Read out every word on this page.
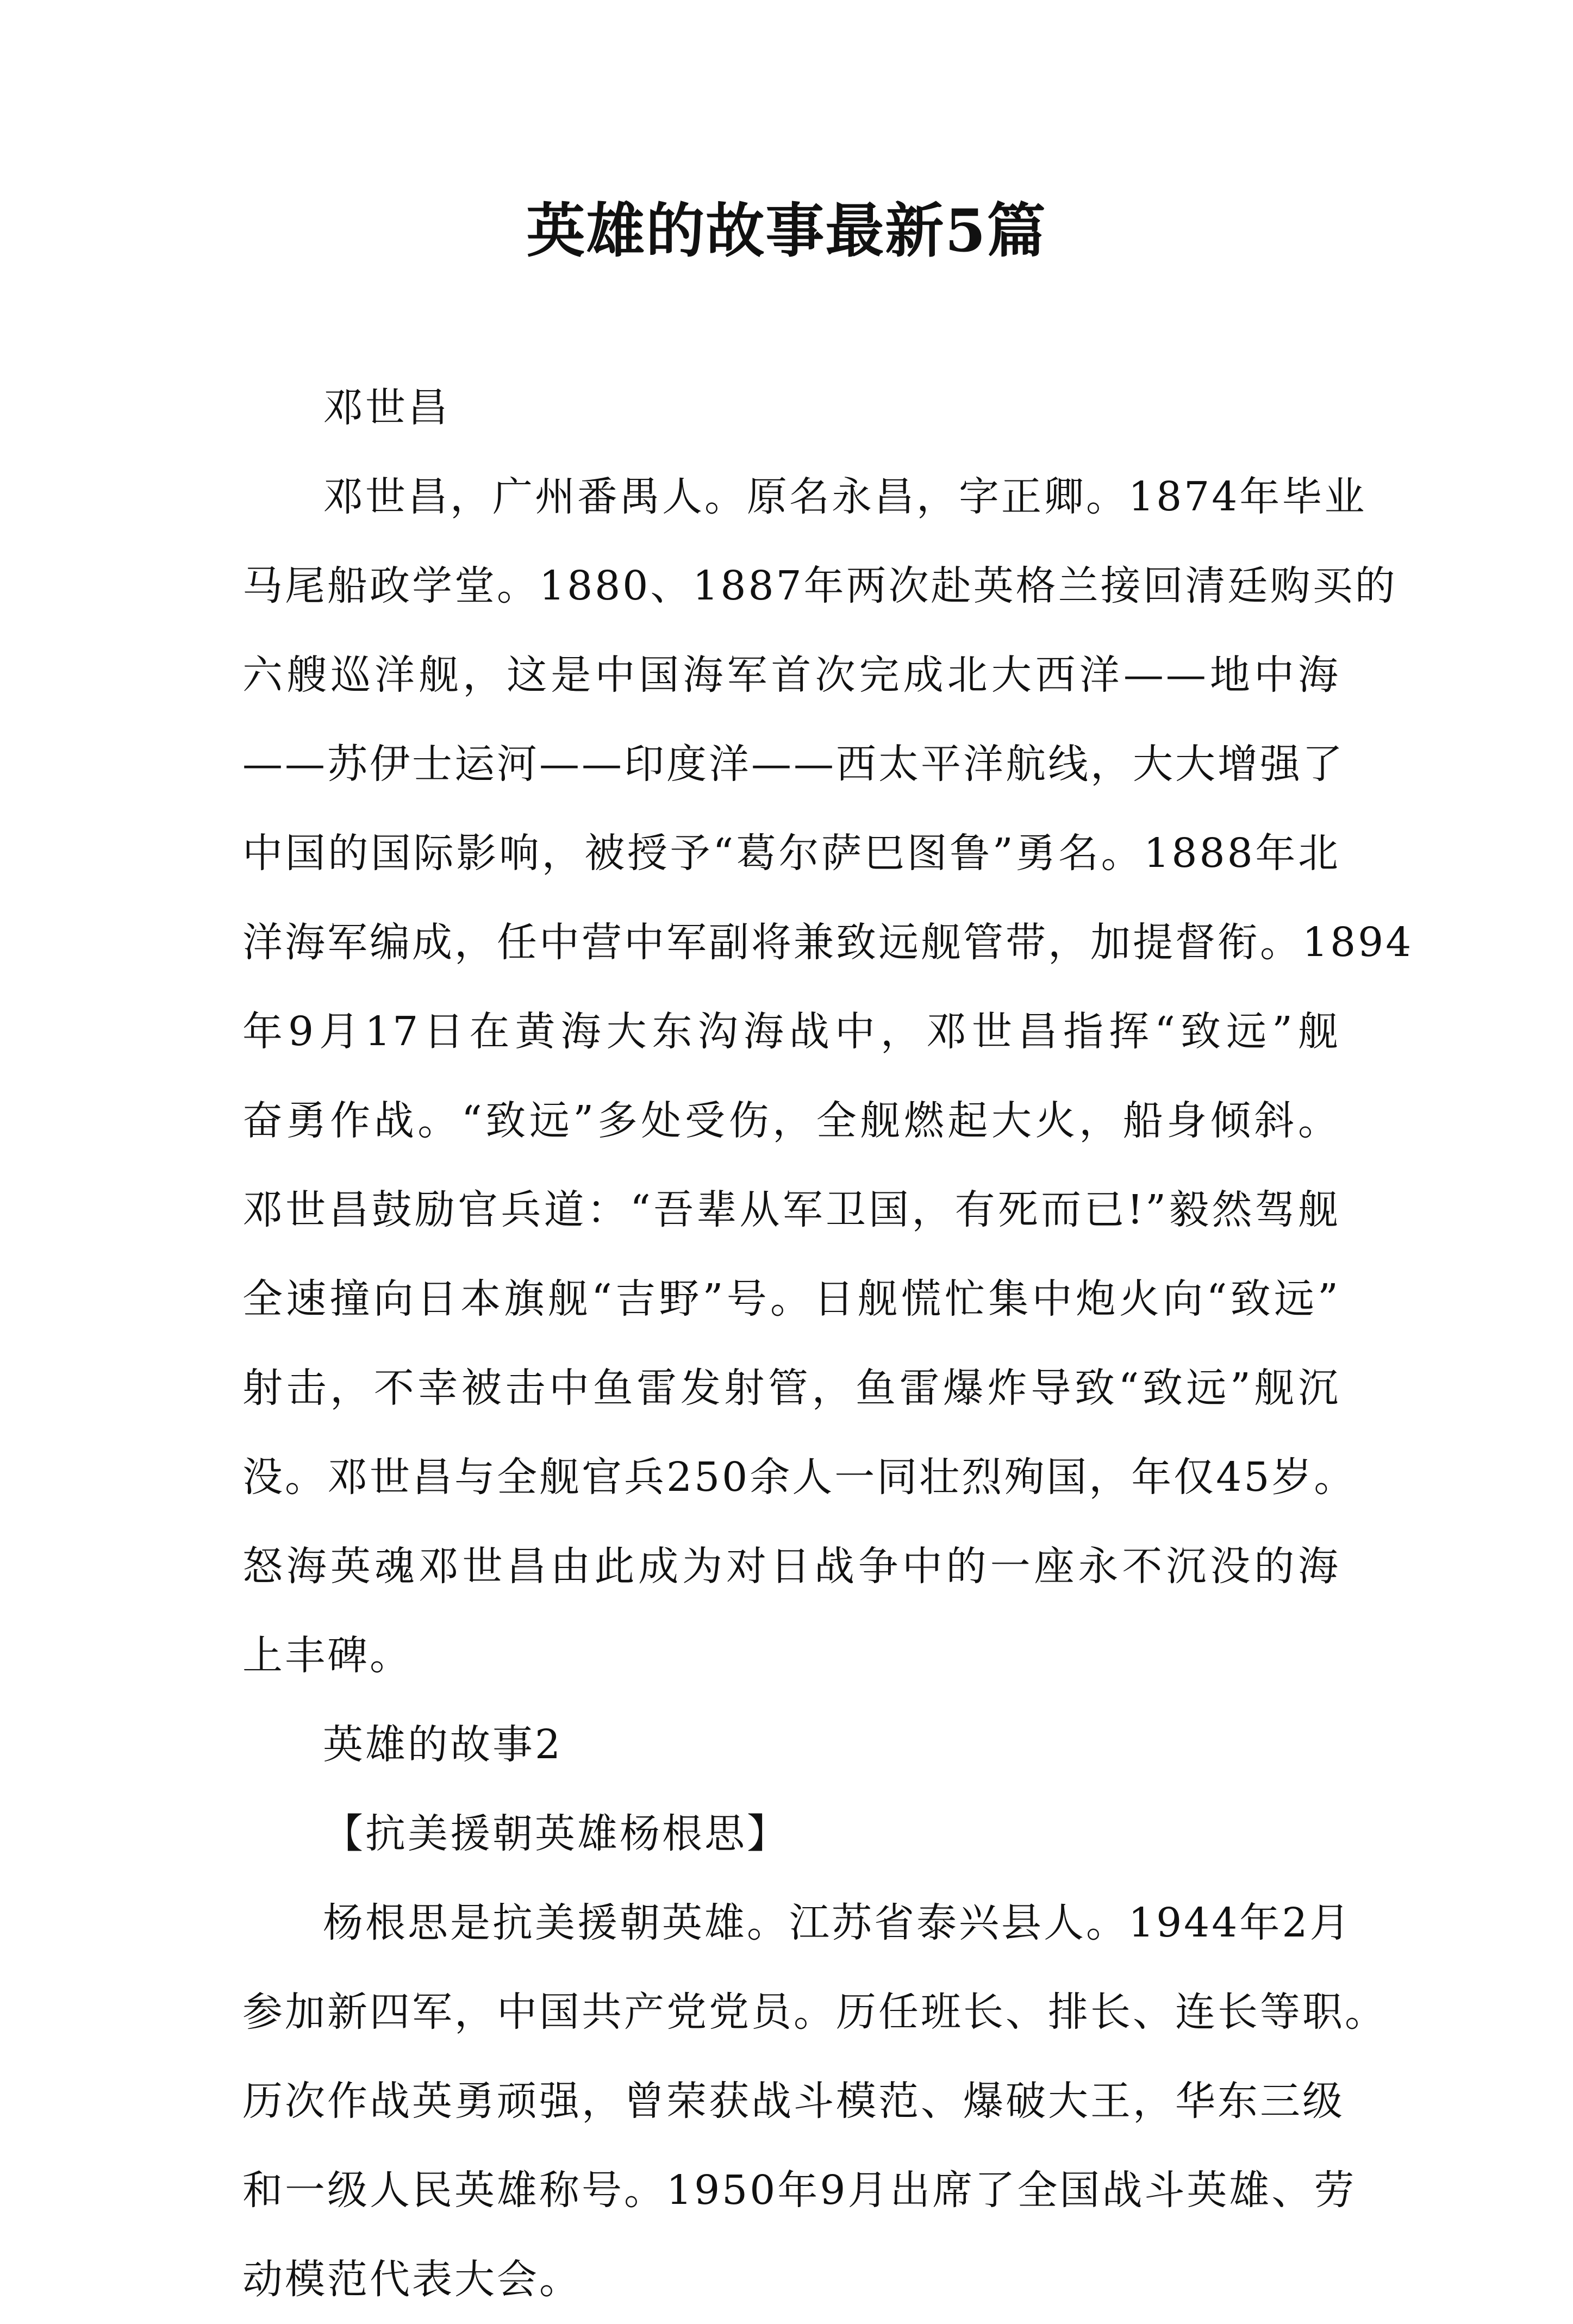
英雄的故事最新5篇
邓世昌
邓世昌，广州番禺人。原名永昌，字正卿。1874年毕业
马尾船政学堂。1880、1887年两次赴英格兰接回清廷购买的
六艘巡洋舰，这是中国海军首次完成北大西洋——地中海
——苏伊士运河——印度洋——西太平洋航线，大大增强了
中国的国际影响，被授予“葛尔萨巴图鲁”勇名。1888年北
洋海军编成，任中营中军副将兼致远舰管带，加提督衔。1894
年9月17日在黄海大东沟海战中，邓世昌指挥“致远”舰
奋勇作战。“致远”多处受伤，全舰燃起大火，船身倾斜。
邓世昌鼓励官兵道：“吾辈从军卫国，有死而已!”毅然驾舰
全速撞向日本旗舰“吉野”号。日舰慌忙集中炮火向“致远”
射击，不幸被击中鱼雷发射管，鱼雷爆炸导致“致远”舰沉
没。邓世昌与全舰官兵250余人一同壮烈殉国，年仅45岁。
怒海英魂邓世昌由此成为对日战争中的一座永不沉没的海
上丰碑。
英雄的故事2
【抗美援朝英雄杨根思】
杨根思是抗美援朝英雄。江苏省泰兴县人。1944年2月
参加新四军，中国共产党党员。历任班长、排长、连长等职。
历次作战英勇顽强，曾荣获战斗模范、爆破大王，华东三级
和一级人民英雄称号。1950年9月出席了全国战斗英雄、劳
动模范代表大会。
